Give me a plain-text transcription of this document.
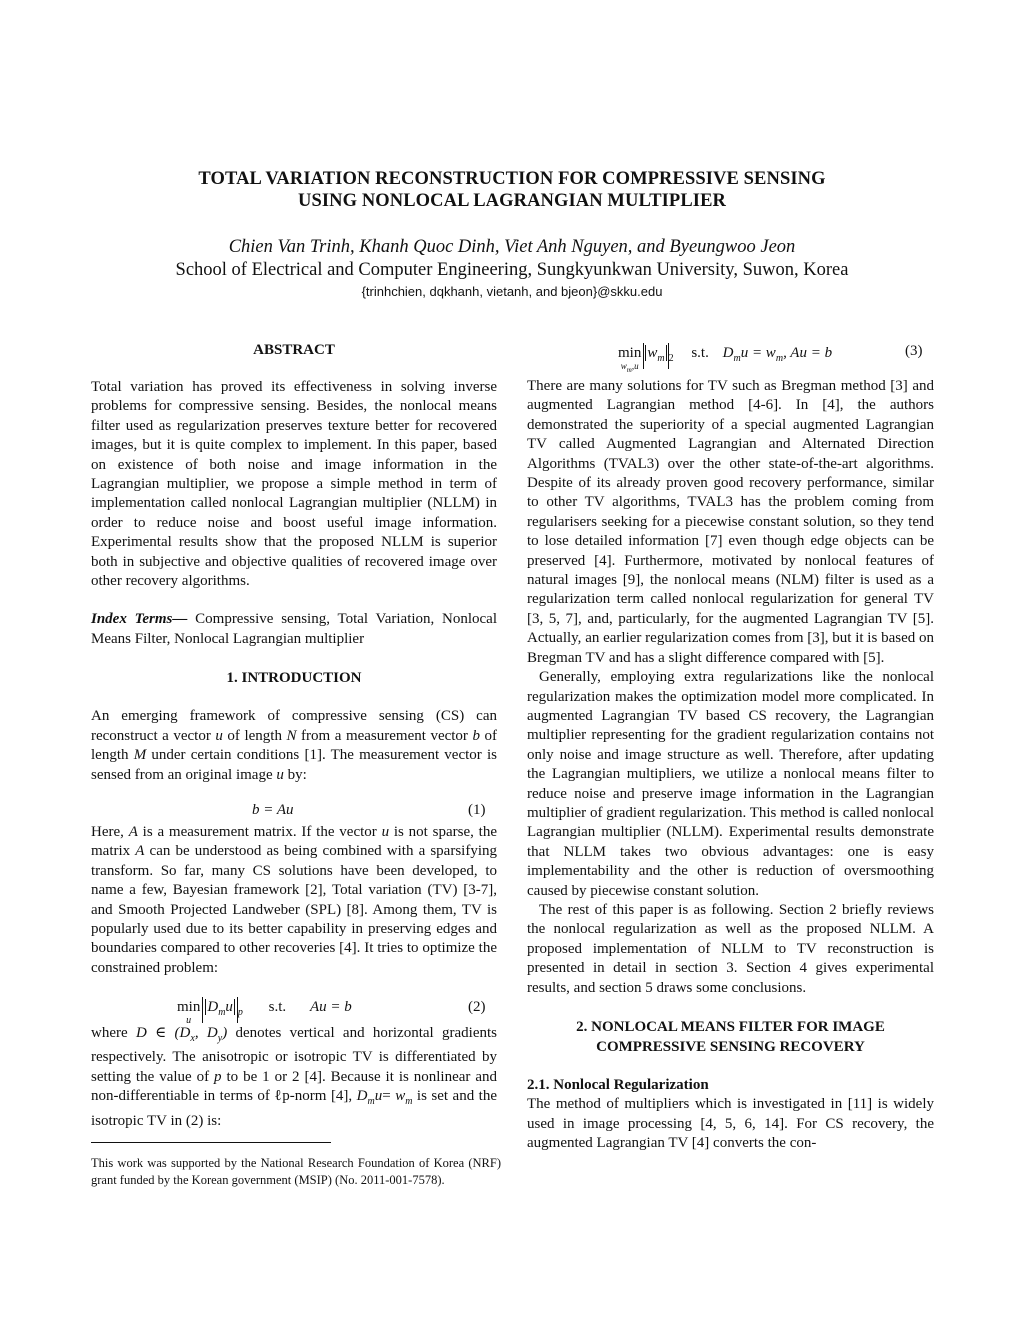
TOTAL VARIATION RECONSTRUCTION FOR COMPRESSIVE SENSING
USING NONLOCAL LAGRANGIAN MULTIPLIER
Chien Van Trinh, Khanh Quoc Dinh, Viet Anh Nguyen, and Byeungwoo Jeon
School of Electrical and Computer Engineering, Sungkyunkwan University, Suwon, Korea
{trinhchien, dqkhanh, vietanh, and bjeon}@skku.edu
ABSTRACT

Total variation has proved its effectiveness in solving inverse problems for compressive sensing. Besides, the nonlocal means filter used as regularization preserves texture better for recovered images, but it is quite complex to implement. In this paper, based on existence of both noise and image information in the Lagrangian multiplier, we propose a simple method in term of implementation called nonlocal Lagrangian multiplier (NLLM) in order to reduce noise and boost useful image information. Experimental results show that the proposed NLLM is superior both in subjective and objective qualities of recovered image over other recovery algorithms.

Index Terms— Compressive sensing, Total Variation, Nonlocal Means Filter, Nonlocal Lagrangian multiplier

1. INTRODUCTION

An emerging framework of compressive sensing (CS) can reconstruct a vector u of length N from a measurement vector b of length M under certain conditions [1]. The measurement vector is sensed from an original image u by:

b = Au	(1)

Here, A is a measurement matrix. If the vector u is not sparse, the matrix A can be understood as being combined with a sparsifying transform. So far, many CS solutions have been developed, to name a few, Bayesian framework [2], Total variation (TV) [3-7], and Smooth Projected Landweber (SPL) [8]. Among them, TV is popularly used due to its better capability in preserving edges and boundaries compared to other recoveries [4]. It tries to optimize the constrained problem:

min
$^uD_mu$ $_p$ s.t. Au = b	(2)

where D ∈ ($D_x$, $D_y$) denotes vertical and horizontal gradients respectively. The anisotropic or isotropic TV is differentiated by setting the value of p to be 1 or 2 [4]. Because it is nonlinear and non-differentiable in terms of ℓp-norm [4], $D_mu= w_m$ is set and the isotropic TV in (2) is:

This work was supported by the National Research Foundation of Korea (NRF) grant funded by the Korean government (MSIP) (No. 2011-001-7578).
min
$^{w_m,u}w_m$ $_2$ s.t. $D_mu = w_m$, Au = b	(3)

There are many solutions for TV such as Bregman method [3] and augmented Lagrangian method [4-6]. In [4], the authors demonstrated the superiority of a special augmented Lagrangian TV called Augmented Lagrangian and Alternated Direction Algorithms (TVAL3) over the other state-of-the-art algorithms. Despite of its already proven good recovery performance, similar to other TV algorithms, TVAL3 has the problem coming from regularisers seeking for a piecewise constant solution, so they tend to lose detailed information [7] even though edge objects can be preserved [4]. Furthermore, motivated by nonlocal features of natural images [9], the nonlocal means (NLM) filter is used as a regularization term called nonlocal regularization for general TV [3, 5, 7], and, particularly, for the augmented Lagrangian TV [5]. Actually, an earlier regularization comes from [3], but it is based on Bregman TV and has a slight difference compared with [5].

Generally, employing extra regularizations like the nonlocal regularization makes the optimization model more complicated. In augmented Lagrangian TV based CS recovery, the Lagrangian multiplier representing for the gradient regularization contains not only noise and image structure as well. Therefore, after updating the Lagrangian multipliers, we utilize a nonlocal means filter to reduce noise and preserve image information in the Lagrangian multiplier of gradient regularization. This method is called nonlocal Lagrangian multiplier (NLLM). Experimental results demonstrate that NLLM takes two obvious advantages: one is easy implementability and the other is reduction of oversmoothing caused by piecewise constant solution.

The rest of this paper is as following. Section 2 briefly reviews the nonlocal regularization as well as the proposed NLLM. A proposed implementation of NLLM to TV reconstruction is presented in detail in section 3. Section 4 gives experimental results, and section 5 draws some conclusions.

2. NONLOCAL MEANS FILTER FOR IMAGE
COMPRESSIVE SENSING RECOVERY
2.1. Nonlocal Regularization

The method of multipliers which is investigated in [11] is widely used in image processing [4, 5, 6, 14]. For CS recovery, the augmented Lagrangian TV [4] converts the con-
